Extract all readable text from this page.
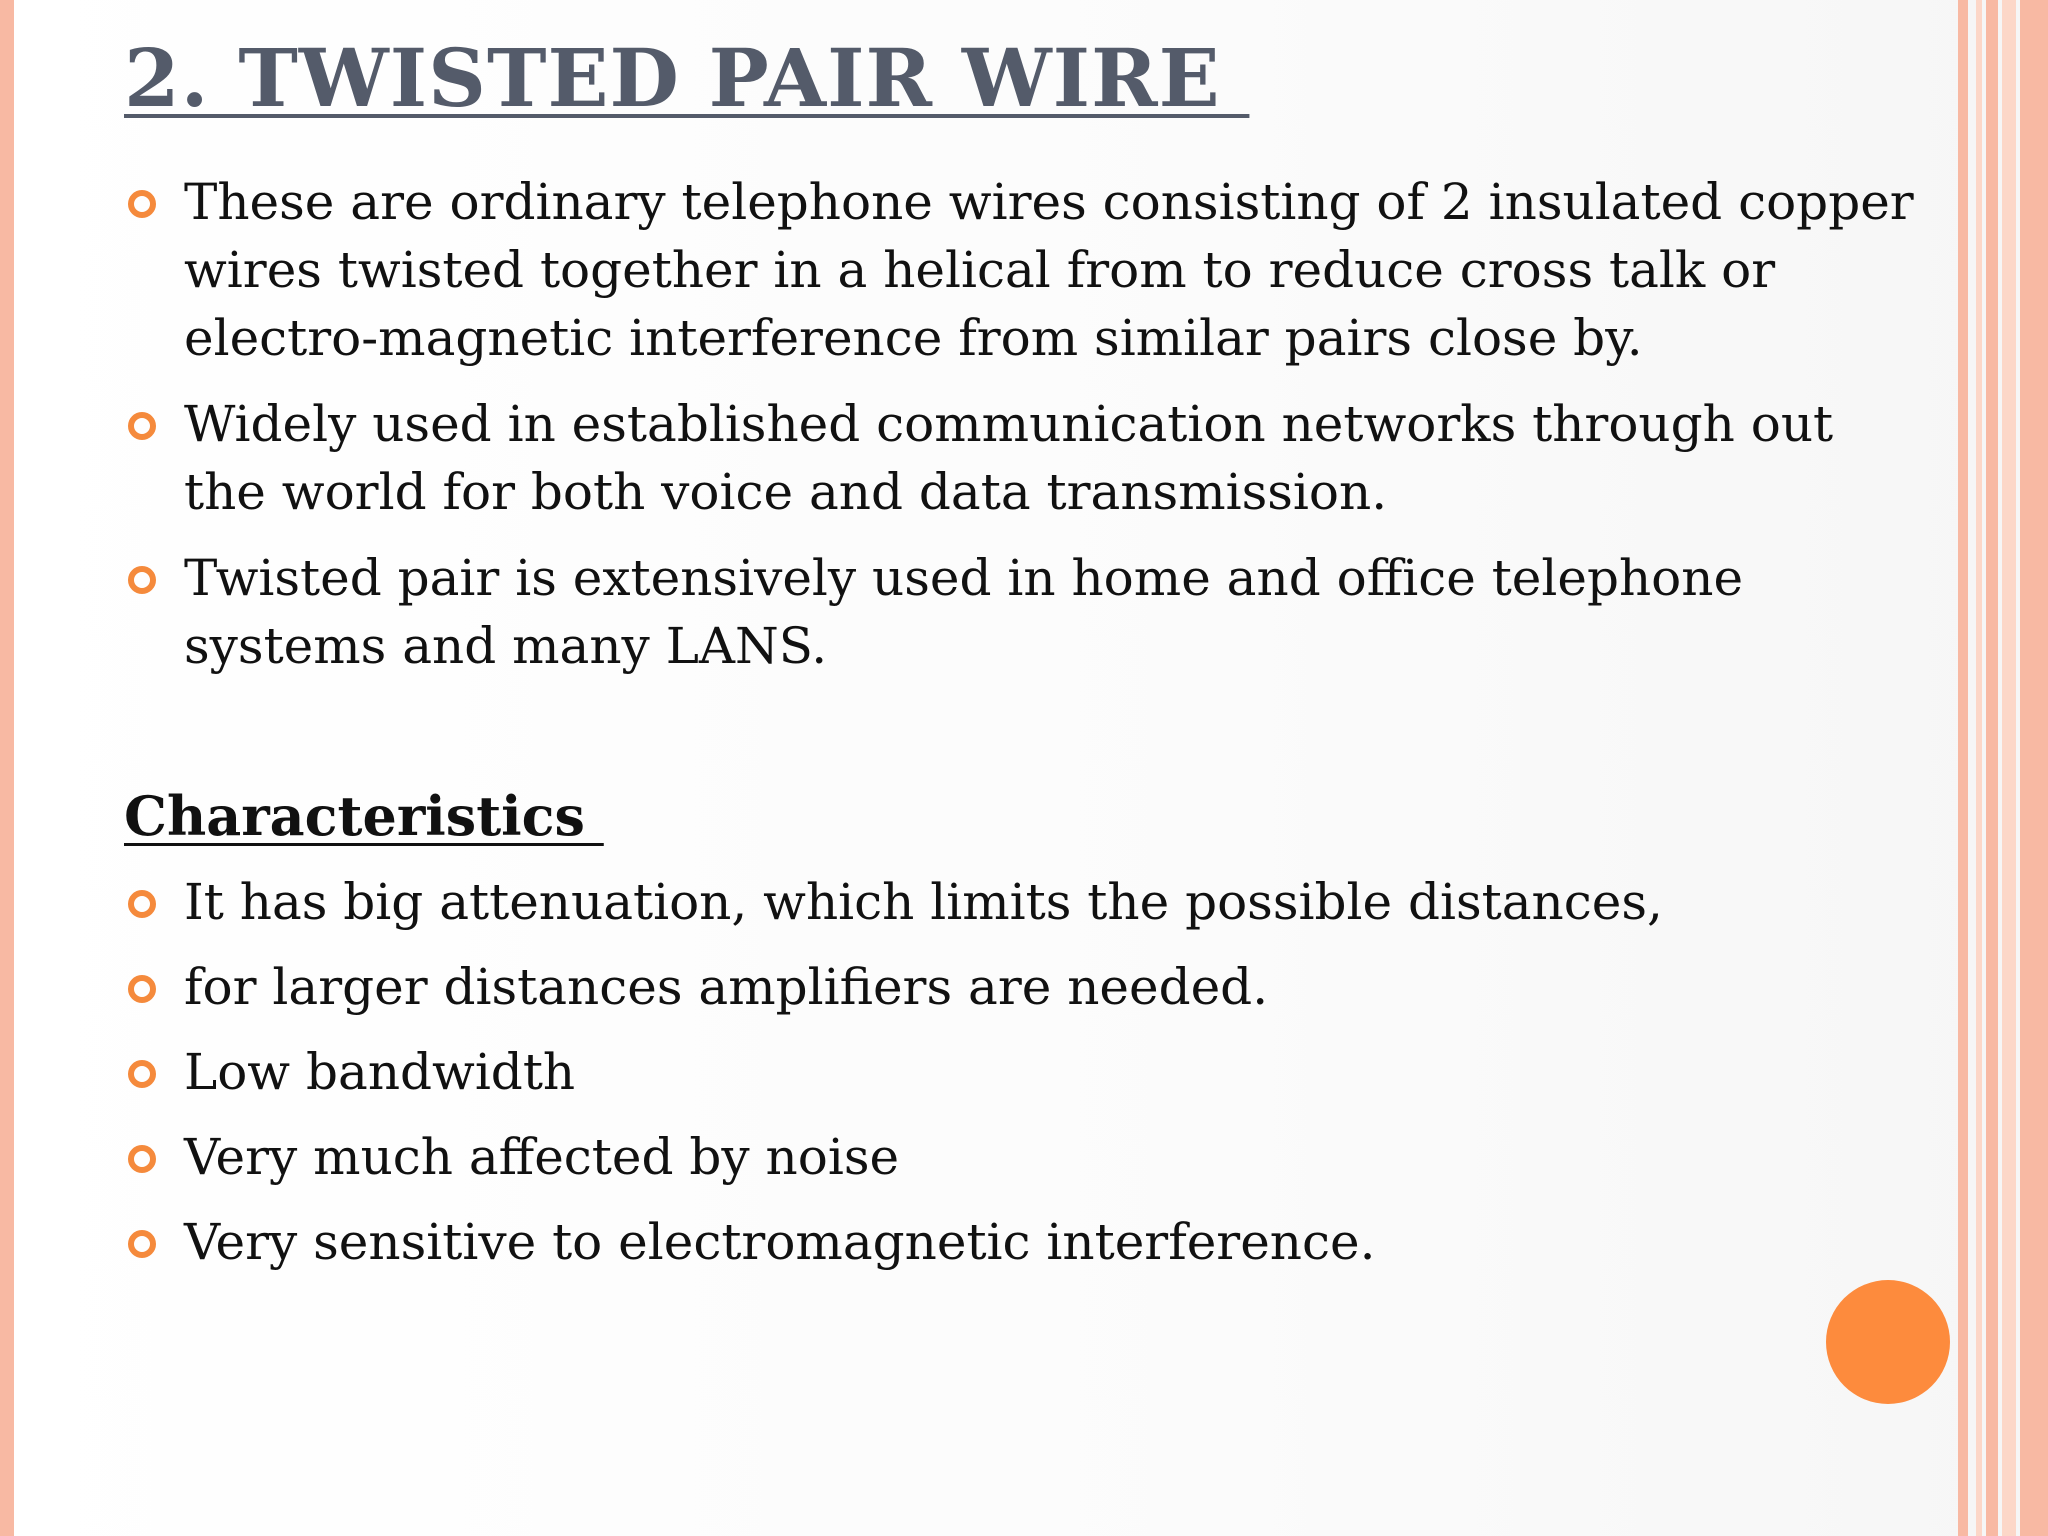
2. TWISTED PAIR WIRE
These are ordinary telephone wires consisting of 2 insulated copper wires twisted together in a helical from to reduce cross talk or electro-magnetic interference from similar pairs close by.
Widely used in established communication networks through out the world for both voice and data transmission.
Twisted pair is extensively used in home and office telephone systems and many LANS.
Characteristics
It has big attenuation, which limits the possible distances,
for larger distances amplifiers are needed.
Low bandwidth
Very much affected by noise
Very sensitive to electromagnetic interference.
